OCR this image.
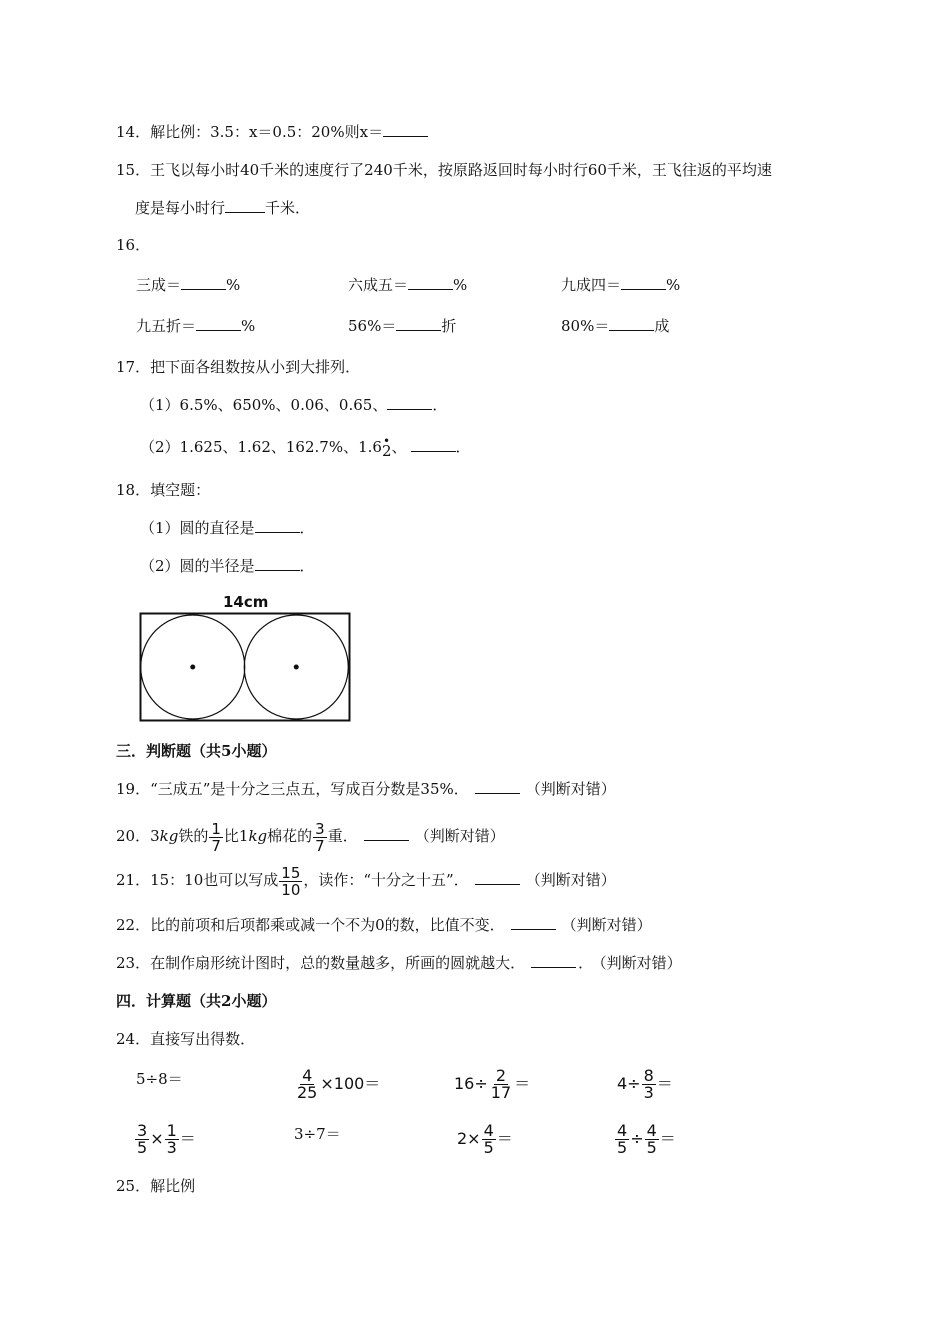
14．解比例：3.5：x＝0.5：20%则x＝
15．王飞以每小时40千米的速度行了240千米，按原路返回时每小时行60千米，王飞往返的平均速
度是每小时行	千米．
16．
三成＝	%	六成五＝	%	九成四＝	%
九五折＝	%	56%＝	折	80%＝	成
17．把下面各组数按从小到大排列．
（1）6.5%、650%、0.06、0.65、	．
（2）1.625、1.62、162.7%、1.6• 2、	．
18．填空题：
（1）圆的直径是	．
（2）圆的半径是	．
14cm
三．判断题（共5小题）
19．“三成五”是十分之三点五，写成百分数是35%．	（判断对错）
20．3kg铁的 $\frac{1}{7}$ 比1kg棉花的 $\frac{3}{7}$ 重．	（判断对错）
21．15：10也可以写成 $\frac{15}{10}$ ，读作：“十分之十五”．	（判断对错）
22．比的前项和后项都乘或减一个不为0的数，比值不变．	（判断对错）
23．在制作扇形统计图时，总的数量越多，所画的圆就越大．	． （判断对错）
四．计算题（共2小题）
24．直接写出得数．
5÷8＝	$\frac{4}{25} \times 100=$	$16\div \frac{2}{17}$ ＝	$4\div \frac{8}{3}$ ＝
$\frac{3}{5} \times \frac{1}{3}$ ＝	3÷7＝	$2\times \frac{4}{5}$ ＝	$\frac{4}{5} \div \frac{4}{5}$ ＝
25．解比例
